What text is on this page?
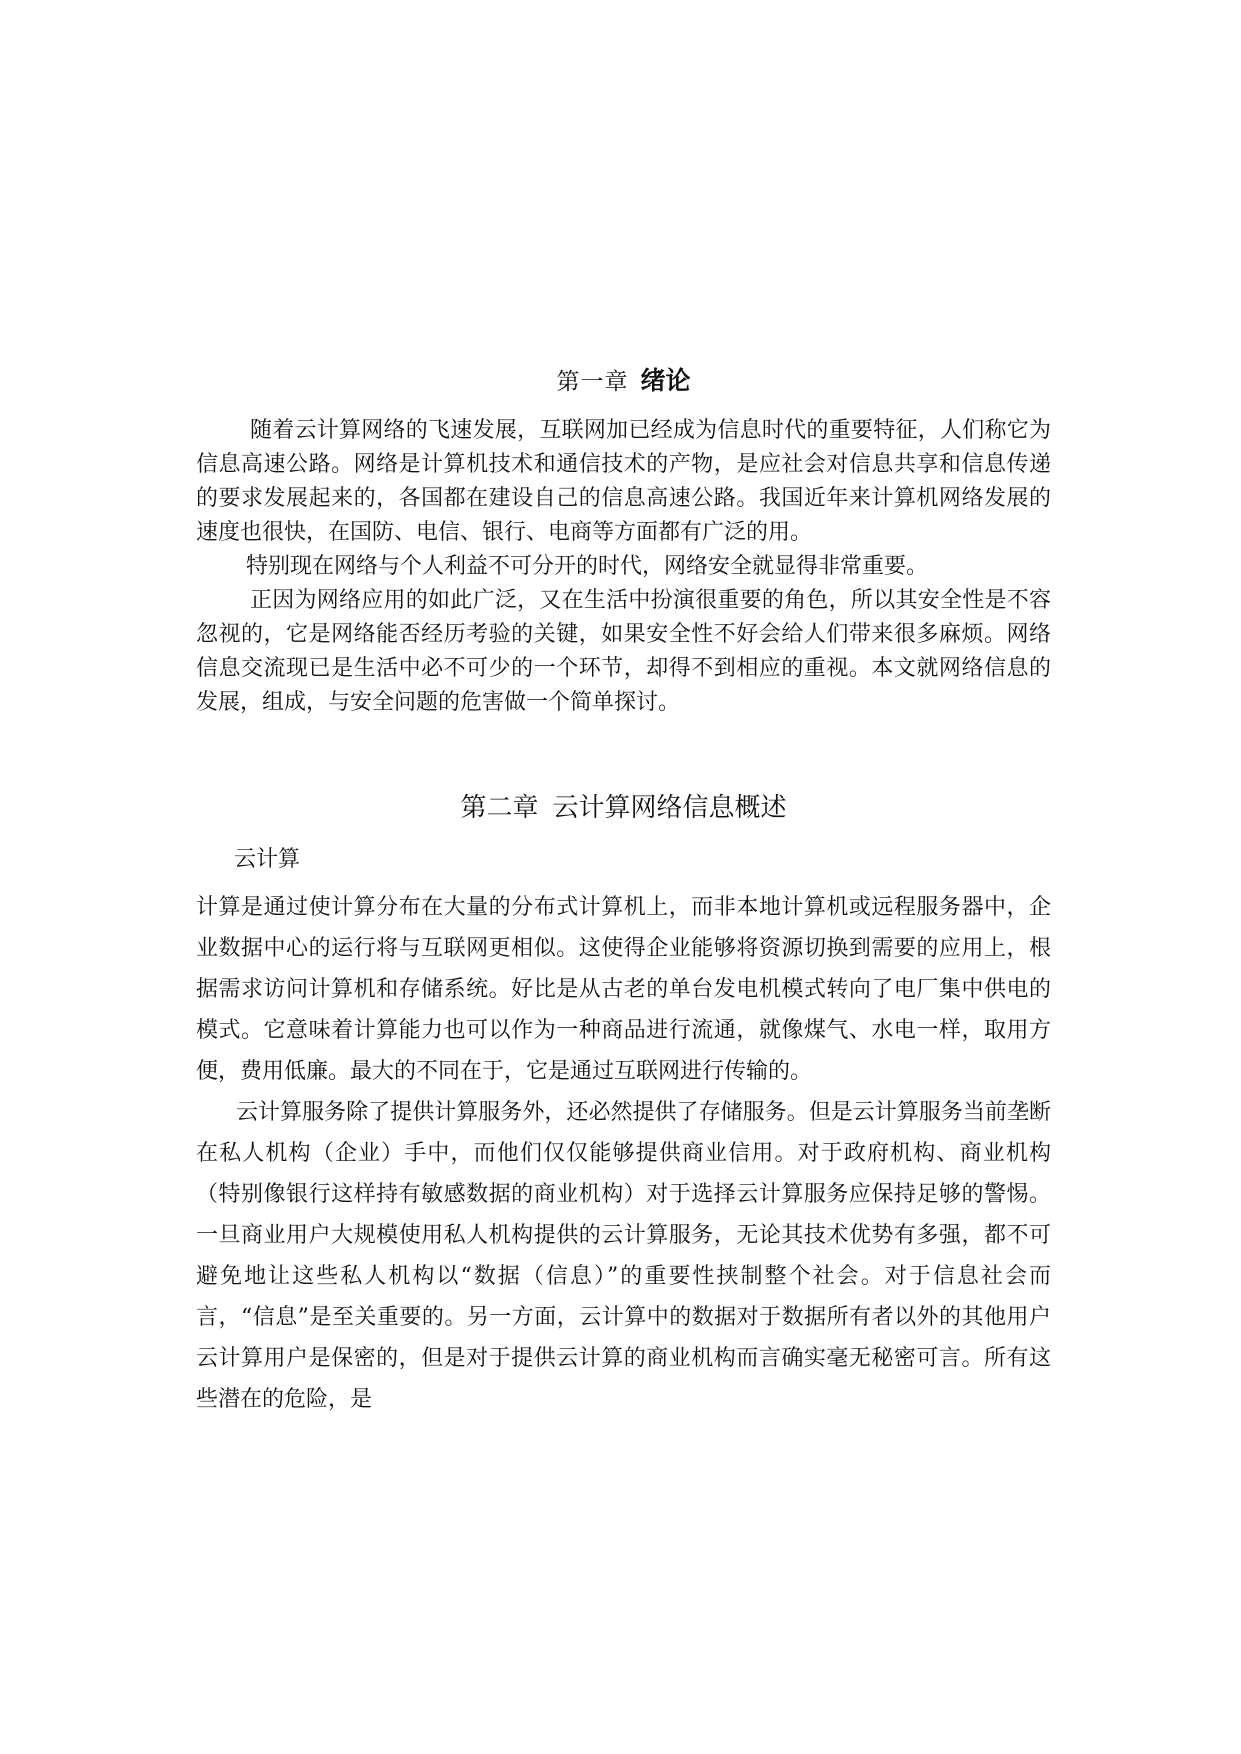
第一章 绪论

随着云计算网络的飞速发展，互联网加已经成为信息时代的重要特征，人们称它为信息高速公路。网络是计算机技术和通信技术的产物，是应社会对信息共享和信息传递的要求发展起来的，各国都在建设自己的信息高速公路。我国近年来计算机网络发展的速度也很快，在国防、电信、银行、电商等方面都有广泛的用。

特别现在网络与个人利益不可分开的时代，网络安全就显得非常重要。

正因为网络应用的如此广泛，又在生活中扮演很重要的角色，所以其安全性是不容忽视的，它是网络能否经历考验的关键，如果安全性不好会给人们带来很多麻烦。网络信息交流现已是生活中必不可少的一个环节，却得不到相应的重视。本文就网络信息的发展，组成，与安全问题的危害做一个简单探讨。

第二章 云计算网络信息概述
云计算

计算是通过使计算分布在大量的分布式计算机上，而非本地计算机或远程服务器中，企业数据中心的运行将与互联网更相似。这使得企业能够将资源切换到需要的应用上，根据需求访问计算机和存储系统。好比是从古老的单台发电机模式转向了电厂集中供电的模式。它意味着计算能力也可以作为一种商品进行流通，就像煤气、水电一样，取用方便，费用低廉。最大的不同在于，它是通过互联网进行传输的。

云计算服务除了提供计算服务外，还必然提供了存储服务。但是云计算服务当前垄断在私人机构（企业）手中，而他们仅仅能够提供商业信用。对于政府机构、商业机构（特别像银行这样持有敏感数据的商业机构）对于选择云计算服务应保持足够的警惕。一旦商业用户大规模使用私人机构提供的云计算服务，无论其技术优势有多强，都不可避免地让这些私人机构以“数据（信息）”的重要性挟制整个社会。对于信息社会而言，“信息”是至关重要的。另一方面，云计算中的数据对于数据所有者以外的其他用户云计算用户是保密的，但是对于提供云计算的商业机构而言确实毫无秘密可言。所有这些潜在的危险，是
